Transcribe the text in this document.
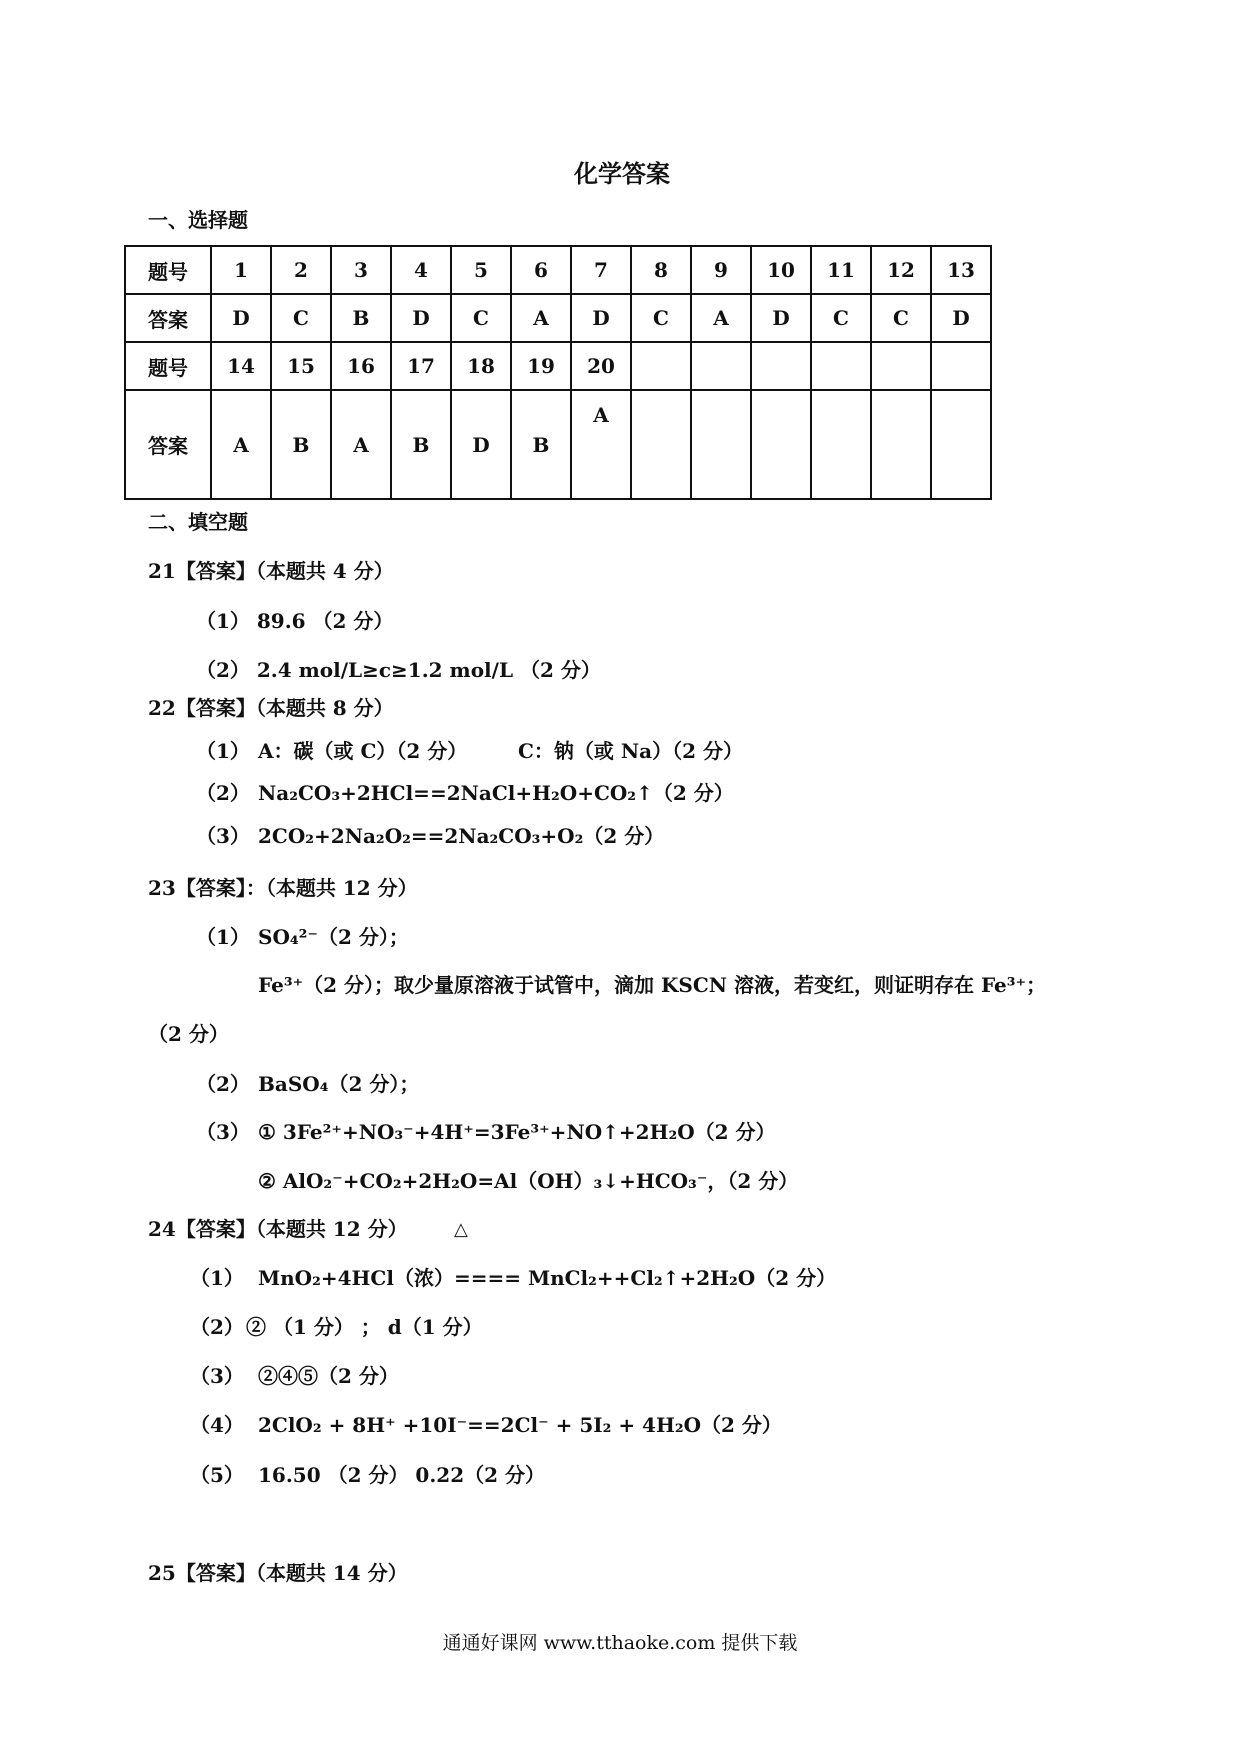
化学答案
一、选择题
题号	1	2	3	4	5	6	7	8	9	10	11	12	13
答案	D	C	B	D	C	A	D	C	A	D	C	C	D
题号	14	15	16	17	18	19	20						
答案	A	B	A	B	D	B	A						
二、填空题
21【答案】（本题共 4 分）
（1） 89.6 （2 分）
（2） 2.4 mol/L≥c≥1.2 mol/L （2 分）
22【答案】（本题共 8 分）
（1） A：碳（或 C）（2 分）	C：钠（或 Na）（2 分）
（2） Na₂CO₃+2HCl==2NaCl+H₂O+CO₂↑（2 分）
（3） 2CO₂+2Na₂O₂==2Na₂CO₃+O₂（2 分）
23【答案】：（本题共 12 分）
（1） SO₄²⁻（2 分）；
Fe³⁺（2 分）；取少量原溶液于试管中，滴加 KSCN 溶液，若变红，则证明存在 Fe³⁺；
（2 分）
（2） BaSO₄（2 分）；
（3） ① 3Fe²⁺+NO₃⁻+4H⁺=3Fe³⁺+NO↑+2H₂O（2 分）
② AlO₂⁻+CO₂+2H₂O=Al（OH）₃↓+HCO₃⁻，（2 分）
24【答案】（本题共 12 分）	△
（1） MnO₂+4HCl（浓）==== MnCl₂++Cl₂↑+2H₂O（2 分）
（2） ② （1 分） ； d（1 分）
（3） ②④⑤（2 分）
（4） 2ClO₂ + 8H⁺ +10I⁻==2Cl⁻ + 5I₂ + 4H₂O（2 分）
（5） 16.50 （2 分） 0.22（2 分）
25【答案】（本题共 14 分）
通通好课网 www.tthaoke.com 提供下载
